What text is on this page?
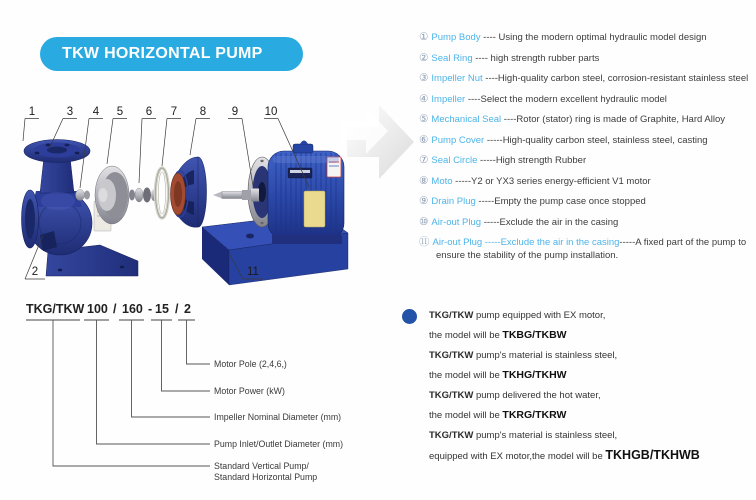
TKW HORIZONTAL PUMP
1	3 4 5 6 7 8 9 10
2	11
① Pump Body ---- Using the modern optimal hydraulic model design
② Seal Ring ---- high strength rubber parts
③ Impeller Nut ----High-quality carbon steel, corrosion-resistant stainless steel
④ Impeller ----Select the modern excellent hydraulic model
⑤ Mechanical Seal ----Rotor (stator) ring is made of Graphite, Hard Alloy
⑥ Pump Cover -----High-quality carbon steel, stainless steel, casting
⑦ Seal Circle -----High strength Rubber
⑧ Moto -----Y2 or YX3 series energy-efficient V1 motor
⑨ Drain Plug -----Empty the pump case once stopped
⑩ Air-out Plug -----Exclude the air in the casing
⑪ Air-out Plug -----Exclude the air in the casing-----A fixed part of the pump to ensure the stability of the pump installation.
TKG/TKW 100 / 160 - 15 / 2
Motor Pole (2,4,6,)
Motor Power (kW)
Impeller Nominal Diameter (mm)
Pump Inlet/Outlet Diameter (mm)
Standard Vertical Pump/
Standard Horizontal Pump

TKG/TKW pump equipped with EX motor,
the model will be TKBG/TKBW

TKG/TKW pump's material is stainless steel,
the model will be TKHG/TKHW

TKG/TKW pump delivered the hot water,
the model will be TKRG/TKRW

TKG/TKW pump's material is stainless steel,
equipped with EX motor,the model will be TKHGB/TKHWB
